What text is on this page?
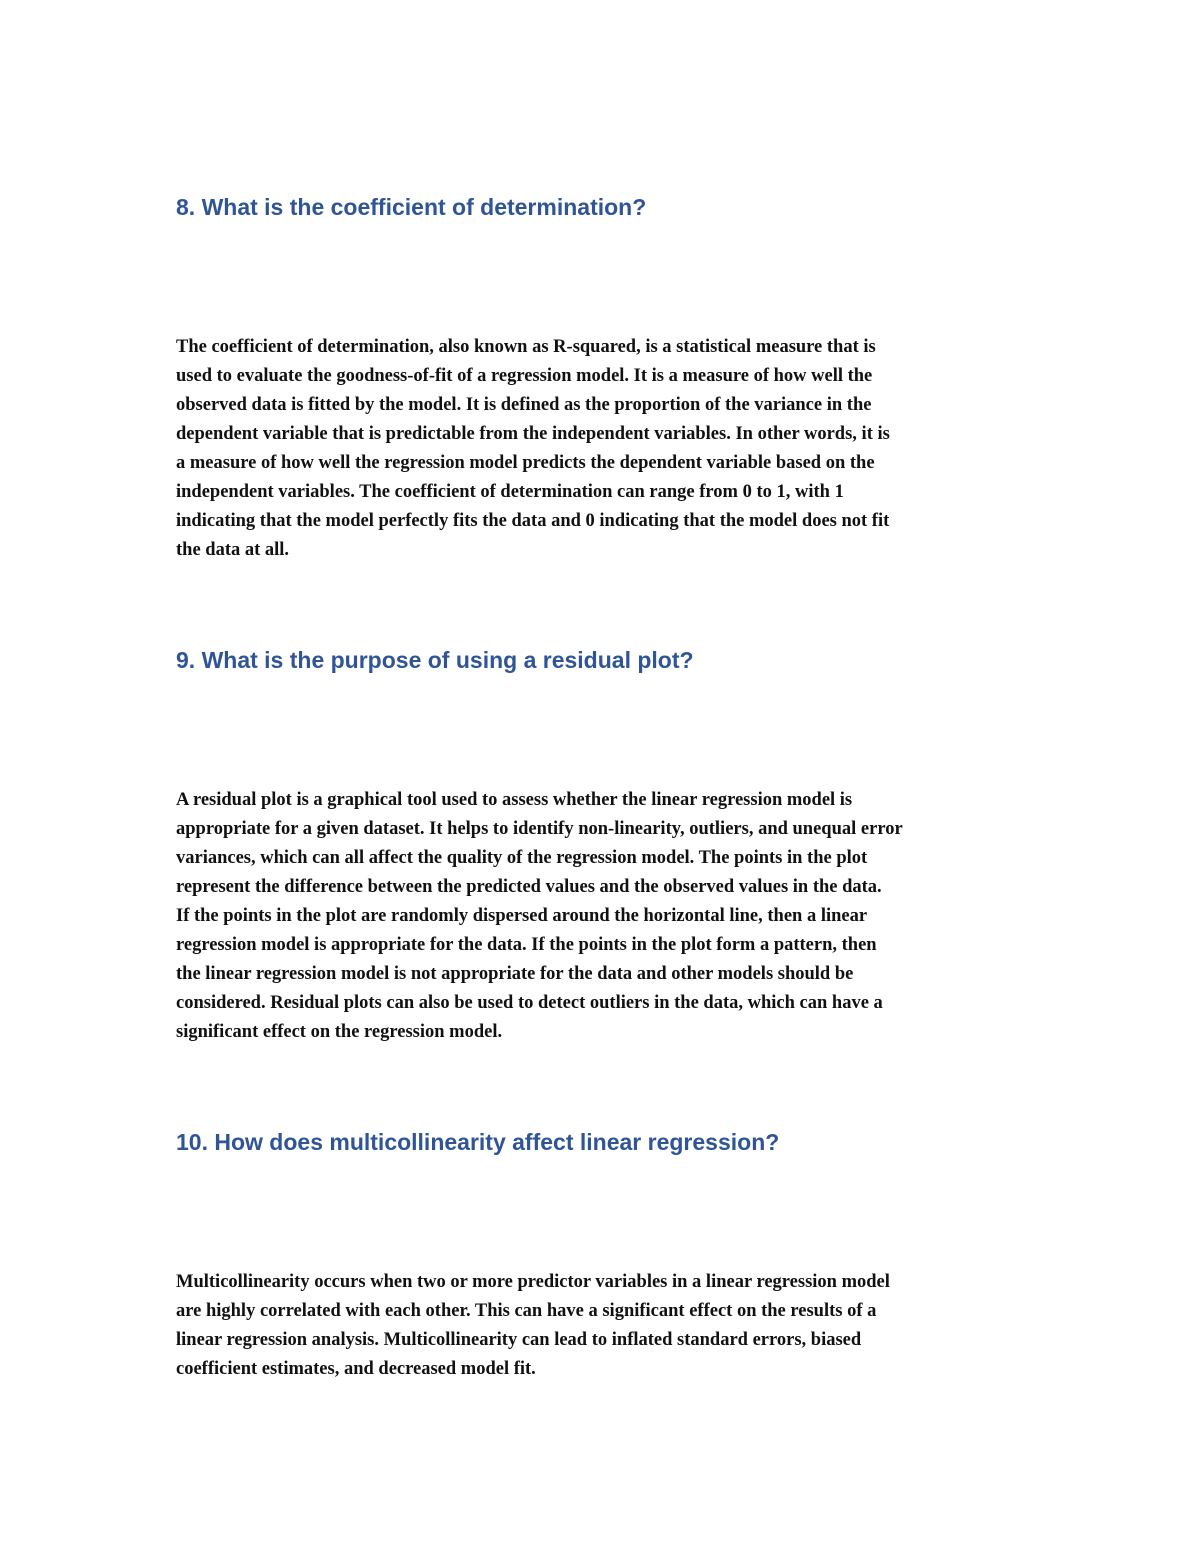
8. What is the coefficient of determination?

The coefficient of determination, also known as R-squared, is a statistical measure that is
used to evaluate the goodness-of-fit of a regression model. It is a measure of how well the
observed data is fitted by the model. It is defined as the proportion of the variance in the
dependent variable that is predictable from the independent variables. In other words, it is
a measure of how well the regression model predicts the dependent variable based on the
independent variables. The coefficient of determination can range from 0 to 1, with 1
indicating that the model perfectly fits the data and 0 indicating that the model does not fit
the data at all.

9. What is the purpose of using a residual plot?

A residual plot is a graphical tool used to assess whether the linear regression model is
appropriate for a given dataset. It helps to identify non-linearity, outliers, and unequal error
variances, which can all affect the quality of the regression model. The points in the plot
represent the difference between the predicted values and the observed values in the data.
If the points in the plot are randomly dispersed around the horizontal line, then a linear
regression model is appropriate for the data. If the points in the plot form a pattern, then
the linear regression model is not appropriate for the data and other models should be
considered. Residual plots can also be used to detect outliers in the data, which can have a
significant effect on the regression model.

10. How does multicollinearity affect linear regression?

Multicollinearity occurs when two or more predictor variables in a linear regression model
are highly correlated with each other. This can have a significant effect on the results of a
linear regression analysis. Multicollinearity can lead to inflated standard errors, biased
coefficient estimates, and decreased model fit.
